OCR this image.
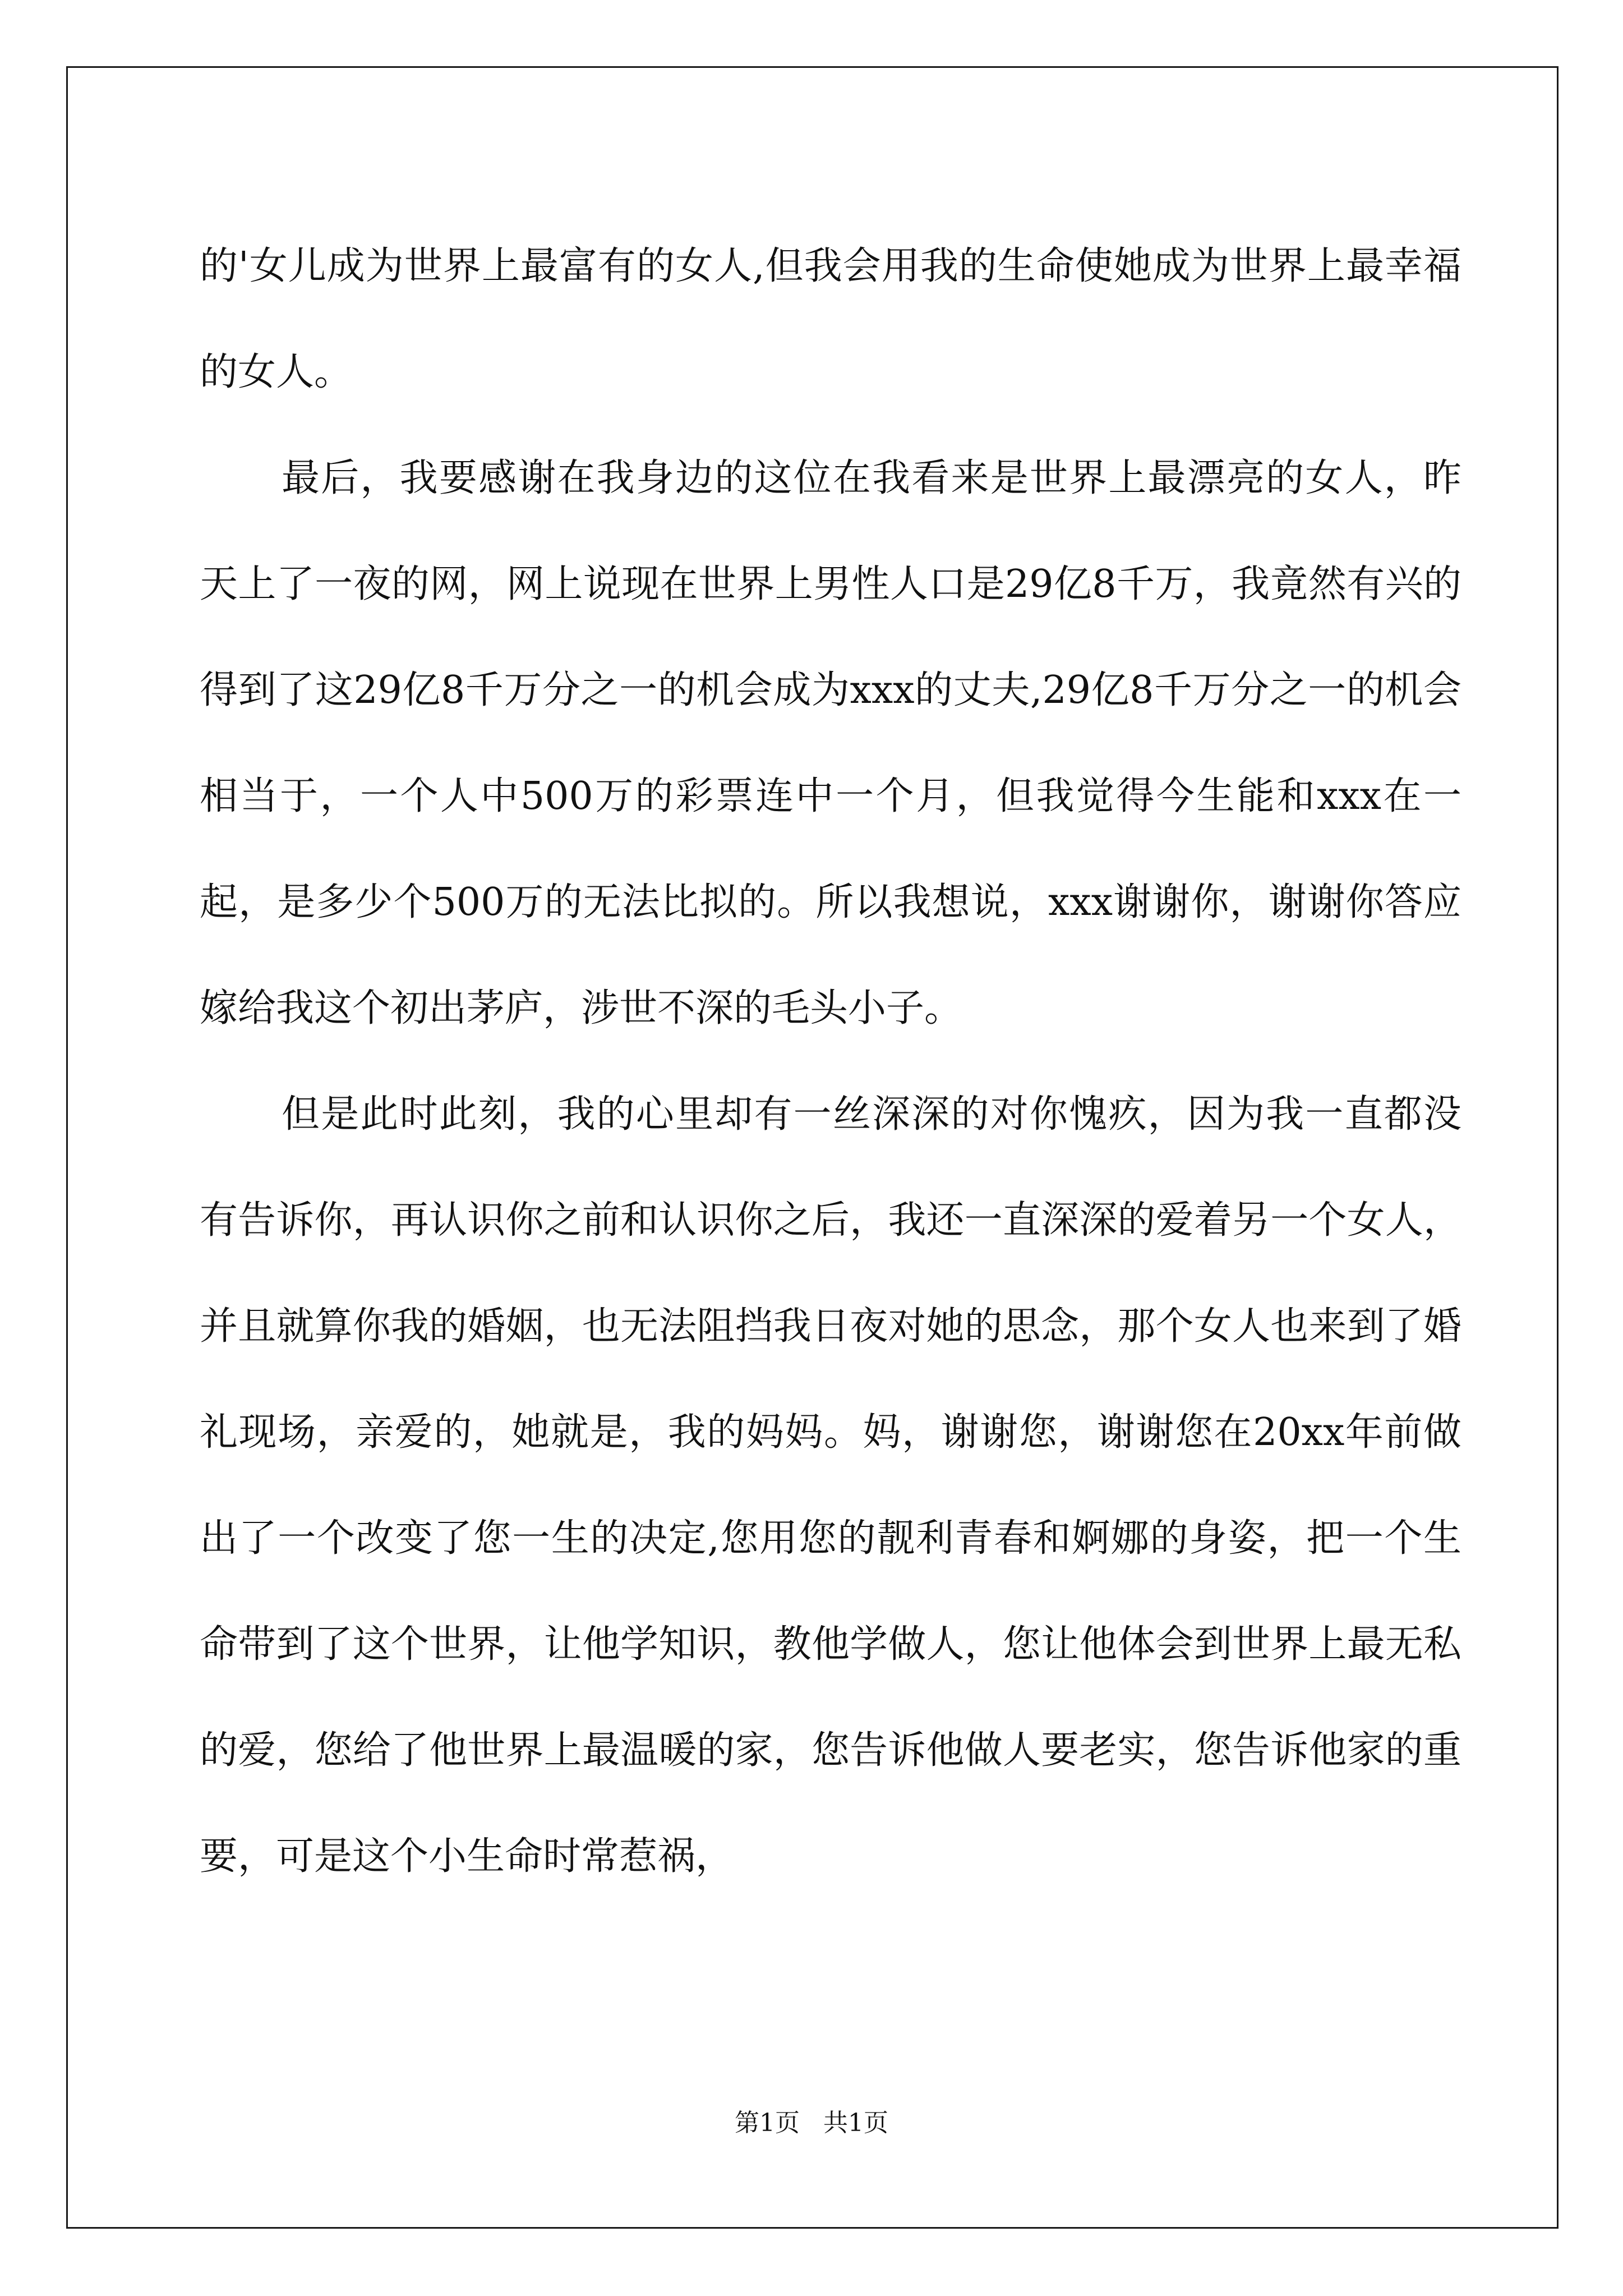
的'女儿成为世界上最富有的女人,但我会用我的生命使她成为世界上最幸福的女人。

最后，我要感谢在我身边的这位在我看来是世界上最漂亮的女人，昨天上了一夜的网，网上说现在世界上男性人口是29亿8千万，我竟然有兴的得到了这29亿8千万分之一的机会成为xxx的丈夫,29亿8千万分之一的机会相当于，一个人中500万的彩票连中一个月，但我觉得今生能和xxx在一起，是多少个500万的无法比拟的。所以我想说，xxx谢谢你，谢谢你答应嫁给我这个初出茅庐，涉世不深的毛头小子。

但是此时此刻，我的心里却有一丝深深的对你愧疚，因为我一直都没有告诉你，再认识你之前和认识你之后，我还一直深深的爱着另一个女人，并且就算你我的婚姻，也无法阻挡我日夜对她的思念，那个女人也来到了婚礼现场，亲爱的，她就是，我的妈妈。妈，谢谢您，谢谢您在20xx年前做出了一个改变了您一生的决定,您用您的靓利青春和婀娜的身姿，把一个生命带到了这个世界，让他学知识，教他学做人，您让他体会到世界上最无私的爱，您给了他世界上最温暖的家，您告诉他做人要老实，您告诉他家的重要，可是这个小生命时常惹祸，

第1页   共1页
